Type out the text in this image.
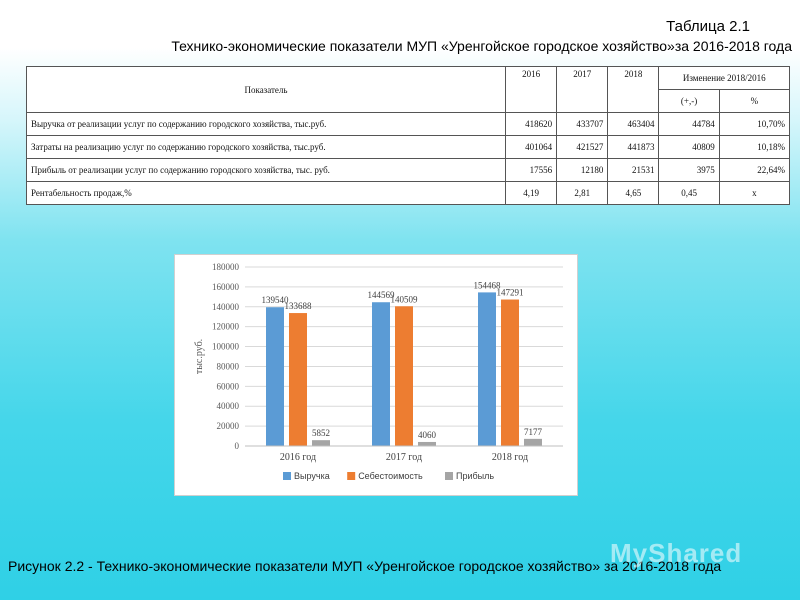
Таблица 2.1
Технико-экономические показатели МУП «Уренгойское городское хозяйство»за 2016-2018 года
Показатель	2016	2017	2018	Изменение 2018/2016	
				(+,-)	%
Выручка от реализации услуг по содержанию городского хозяйства, тыс.руб.	418620	433707	463404	44784	10,70%
Затраты на реализацию услуг по содержанию городского хозяйства, тыс.руб.	401064	421527	441873	40809	10,18%
Прибыль от реализации услуг по содержанию городского хозяйства, тыс. руб.	17556	12180	21531	3975	22,64%
Рентабельность продаж,%	4,19	2,81	4,65	0,45	х
0
20000
40000
60000
80000
100000
120000
140000
160000
180000
тыс.руб.
139540
133688
5852
2016 год
144569
140509
4060
2017 год
154468
147291
7177
2018 год
Выручка	Себестоимость	Прибыль
Рисунок 2.2 - Технико-экономические показатели МУП «Уренгойское городское хозяйство» за 2016-2018 года
MyShared
